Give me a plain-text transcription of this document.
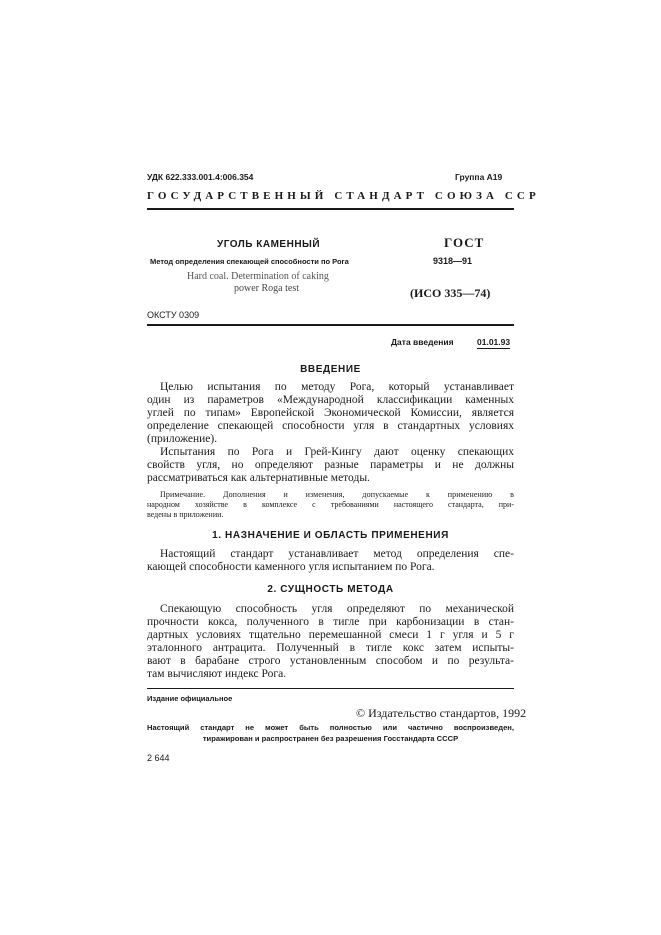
УДК 622.333.001.4:006.354	Группа А19
ГОСУДАРСТВЕННЫЙ СТАНДАРТ СОЮЗА ССР
УГОЛЬ КАМЕННЫЙ
Метод определения спекающей способности по Рога
Hard coal. Determination of caking
power Roga test
ГОСТ
9318—91
(ИСО 335—74)
ОКСТУ 0309
Дата введения	01.01.93
ВВЕДЕНИЕ
Целью испытания по методу Рога, который устанавливает
один из параметров «Международной классификации каменных
углей по типам» Европейской Экономической Комиссии, является
определение спекающей способности угля в стандартных условиях
(приложение).
Испытания по Рога и Грей-Кингу дают оценку спекающих
свойств угля, но определяют разные параметры и не должны
рассматриваться как альтернативные методы.
Примечание. Дополнения и изменения, допускаемые к применению в
народном хозяйстве в комплексе с требованиями настоящего стандарта, при-
ведены в приложении.
1. НАЗНАЧЕНИЕ И ОБЛАСТЬ ПРИМЕНЕНИЯ
Настоящий стандарт устанавливает метод определения спе-
кающей способности каменного угля испытанием по Рога.
2. СУЩНОСТЬ МЕТОДА
Спекающую способность угля определяют по механической
прочности кокса, полученного в тигле при карбонизации в стан-
дартных условиях тщательно перемешанной смеси 1 г угля и 5 г
эталонного антрацита. Полученный в тигле кокс затем испыты-
вают в барабане строго установленным способом и по результа-
там вычисляют индекс Рога.
Издание официальное
© Издательство стандартов, 1992
Настоящий стандарт не может быть полностью или частично воспроизведен,
тиражирован и распространен без разрешения Госстандарта СССР
2 644
